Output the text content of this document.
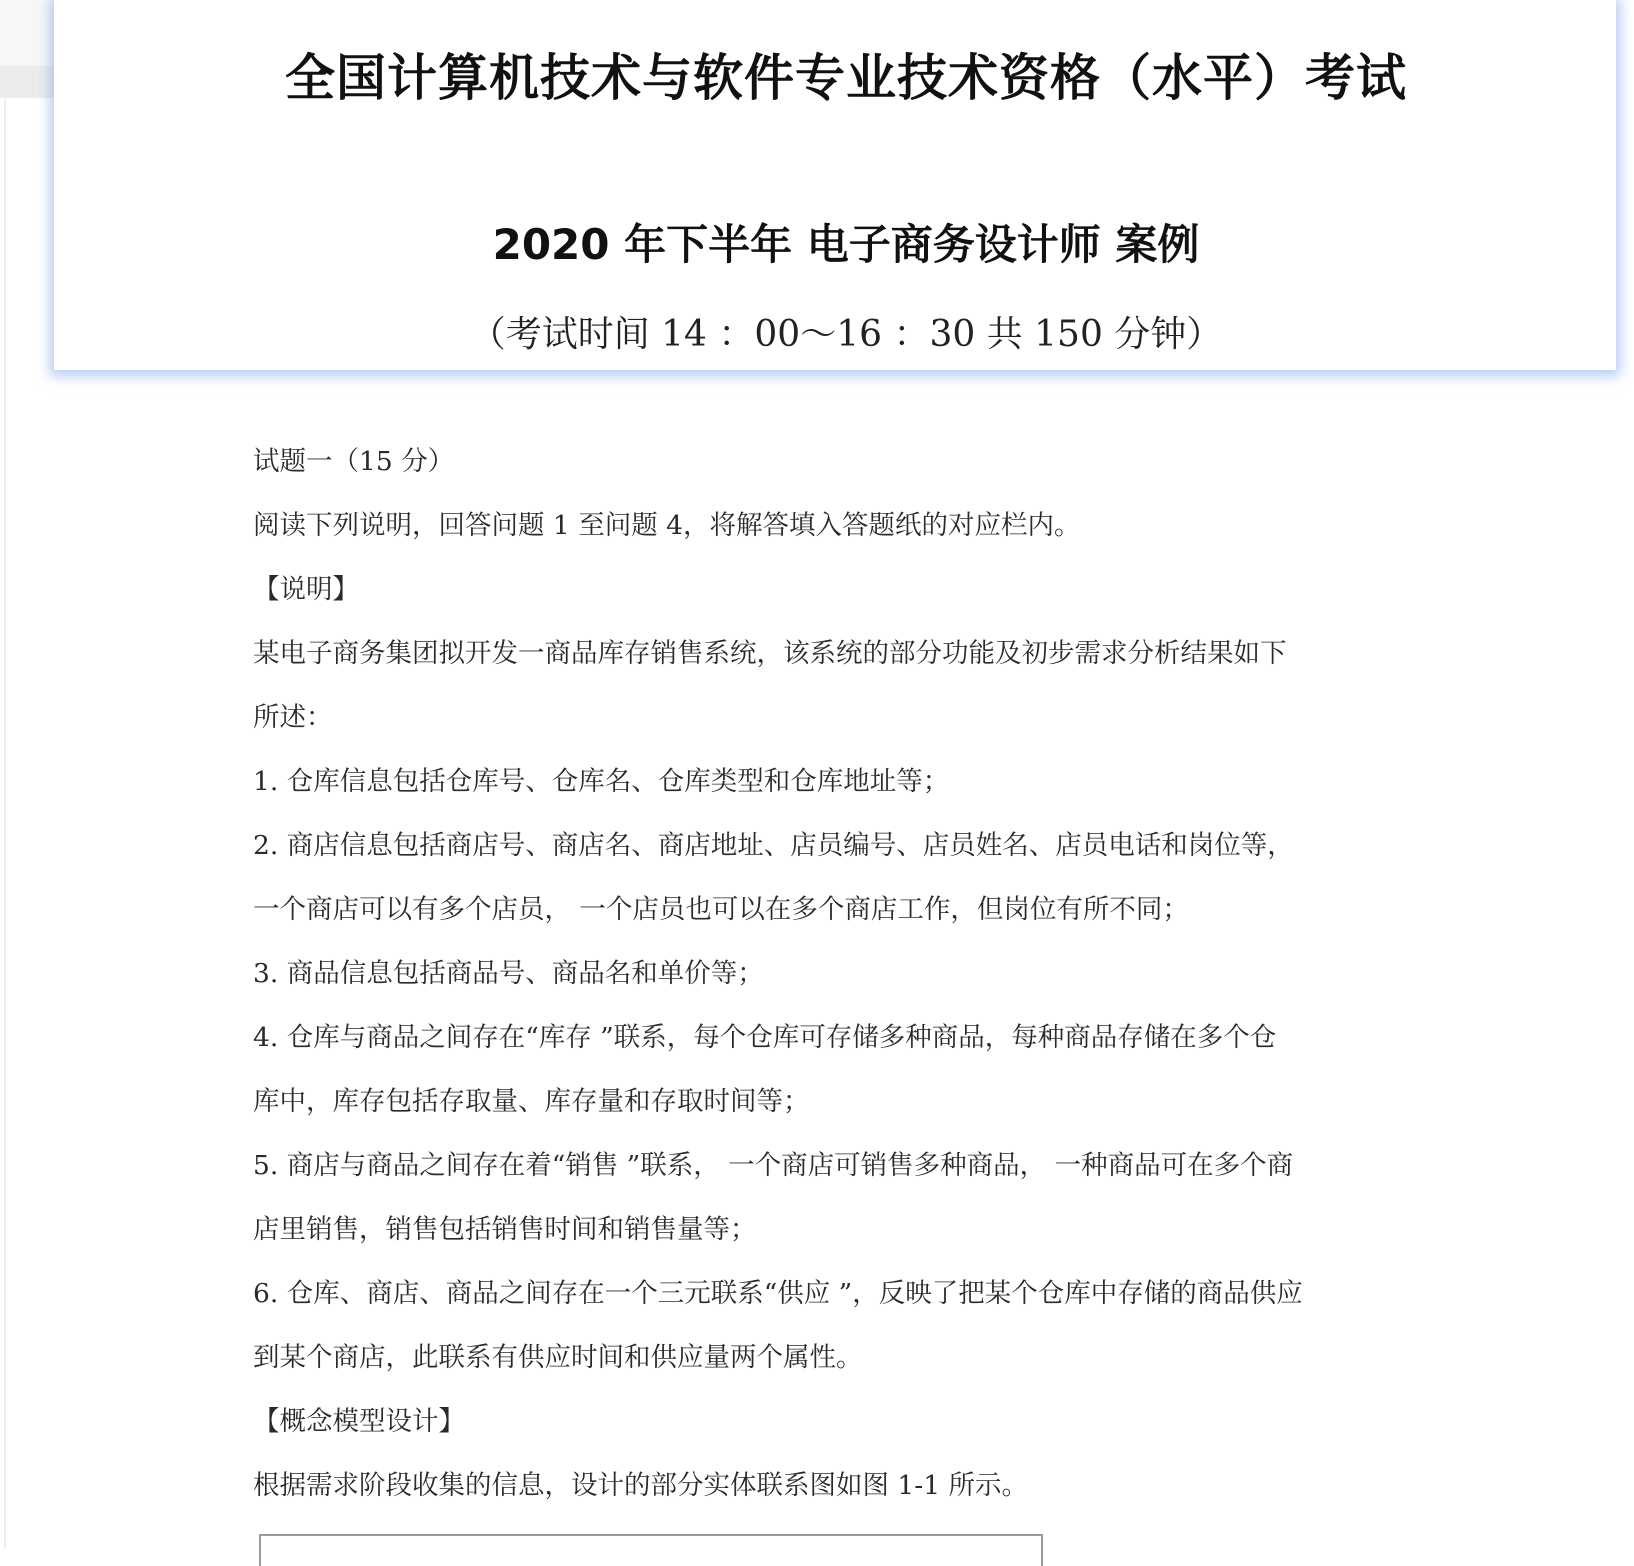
全国计算机技术与软件专业技术资格（水平）考试
2020 年下半年 电子商务设计师 案例
（考试时间 14 ：00～16 ：30 共 150 分钟）

试题一（15 分）

阅读下列说明，回答问题 1 至问题 4，将解答填入答题纸的对应栏内。

【说明】

某电子商务集团拟开发一商品库存销售系统，该系统的部分功能及初步需求分析结果如下

所述：

1. 仓库信息包括仓库号、仓库名、仓库类型和仓库地址等；

2. 商店信息包括商店号、商店名、商店地址、店员编号、店员姓名、店员电话和岗位等，

一个商店可以有多个店员， 一个店员也可以在多个商店工作，但岗位有所不同；

3. 商品信息包括商品号、商品名和单价等；

4. 仓库与商品之间存在“库存 ”联系，每个仓库可存储多种商品，每种商品存储在多个仓

库中，库存包括存取量、库存量和存取时间等；

5. 商店与商品之间存在着“销售 ”联系， 一个商店可销售多种商品， 一种商品可在多个商

店里销售，销售包括销售时间和销售量等；

6. 仓库、商店、商品之间存在一个三元联系“供应 ”，反映了把某个仓库中存储的商品供应

到某个商店，此联系有供应时间和供应量两个属性。

【概念模型设计】

根据需求阶段收集的信息，设计的部分实体联系图如图 1-1 所示。
